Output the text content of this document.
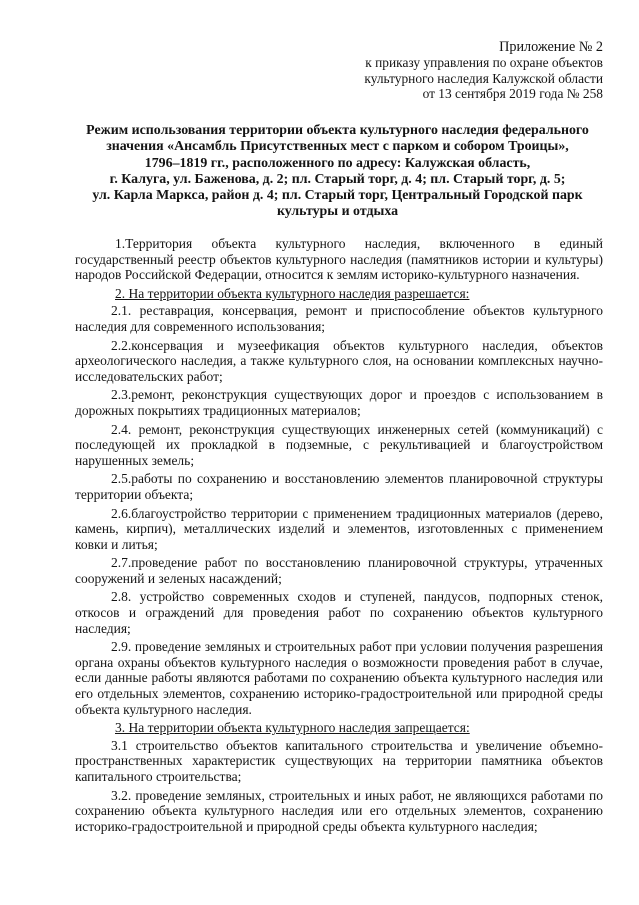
Приложение № 2
к приказу управления по охране объектов
культурного наследия Калужской области
от 13 сентября 2019 года № 258
Режим использования территории объекта культурного наследия федерального
значения «Ансамбль Присутственных мест с парком и собором Троицы»,
1796–1819 гг., расположенного по адресу: Калужская область,
г. Калуга, ул. Баженова, д. 2; пл. Старый торг, д. 4; пл. Старый торг, д. 5;
ул. Карла Маркса, район д. 4; пл. Старый торг, Центральный Городской парк
культуры и отдыха

1.Территория объекта культурного наследия, включенного в единый государственный реестр объектов культурного наследия (памятников истории и культуры) народов Российской Федерации, относится к землям историко-культурного назначения.

2. На территории объекта культурного наследия разрешается:

2.1. реставрация, консервация, ремонт и приспособление объектов культурного наследия для современного использования;

2.2.консервация и музеефикация объектов культурного наследия, объектов археологического наследия, а также культурного слоя, на основании комплексных научно-исследовательских работ;

2.3.ремонт, реконструкция существующих дорог и проездов с использованием в дорожных покрытиях традиционных материалов;

2.4. ремонт, реконструкция существующих инженерных сетей (коммуникаций) с последующей их прокладкой в подземные, с рекультивацией и благоустройством нарушенных земель;

2.5.работы по сохранению и восстановлению элементов планировочной структуры территории объекта;

2.6.благоустройство территории с применением традиционных материалов (дерево, камень, кирпич), металлических изделий и элементов, изготовленных с применением ковки и литья;

2.7.проведение работ по восстановлению планировочной структуры, утраченных сооружений и зеленых насаждений;

2.8. устройство современных сходов и ступеней, пандусов, подпорных стенок, откосов и ограждений для проведения работ по сохранению объектов культурного наследия;

2.9. проведение земляных и строительных работ при условии получения разрешения органа охраны объектов культурного наследия о возможности проведения работ в случае, если данные работы являются работами по сохранению объекта культурного наследия или его отдельных элементов, сохранению историко-градостроительной или природной среды объекта культурного наследия.

3. На территории объекта культурного наследия запрещается:

3.1 строительство объектов капитального строительства и увеличение объемно-пространственных характеристик существующих на территории памятника объектов капитального строительства;

3.2. проведение земляных, строительных и иных работ, не являющихся работами по сохранению объекта культурного наследия или его отдельных элементов, сохранению историко-градостроительной и природной среды объекта культурного наследия;
